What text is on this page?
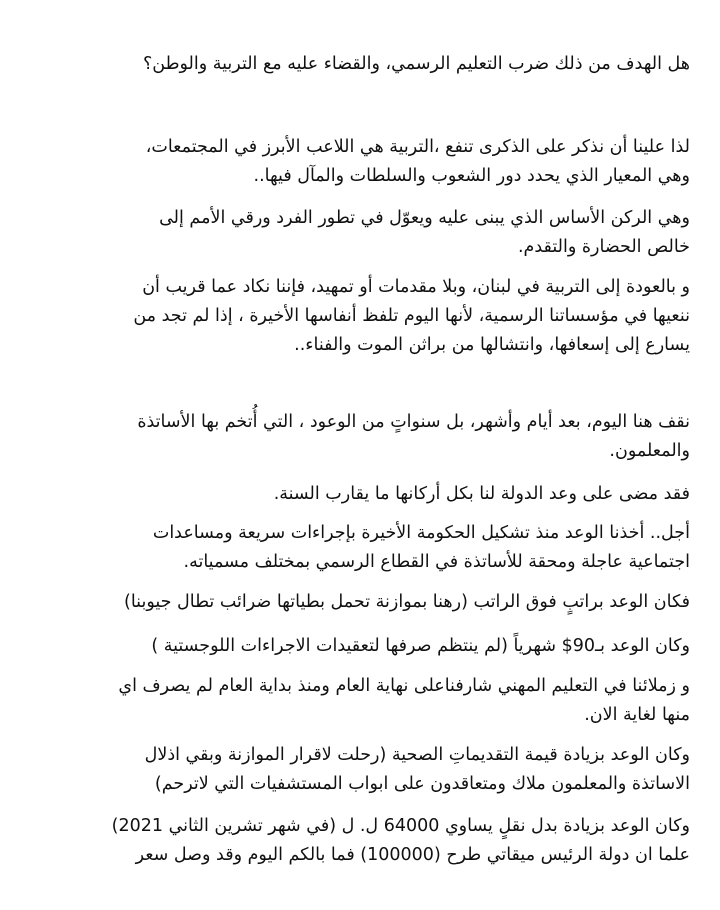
هل الهدف من ذلك ضرب التعليم الرسمي، والقضاء عليه مع التربية والوطن؟

لذا علينا أن نذكر على الذكرى تنفع ،التربية هي اللاعب الأبرز في المجتمعات،
وهي المعيار الذي يحدد دور الشعوب والسلطات والمآل فيها..

وهي الركن الأساس الذي يبنى عليه ويعوّل في تطور الفرد ورقي الأمم إلى
خالص الحضارة والتقدم.

و بالعودة إلى التربية في لبنان، وبلا مقدمات أو تمهيد، فإننا نكاد عما قريب أن
ننعيها في مؤسساتنا الرسمية، لأنها اليوم تلفظ أنفاسها الأخيرة ، إذا لم تجد من
يسارع إلى إسعافها، وانتشالها من براثن الموت والفناء..

نقف هنا اليوم، بعد أيام وأشهر، بل سنواتٍ من الوعود ، التي أُتخم بها الأساتذة
والمعلمون.

فقد مضى على وعد الدولة لنا بكل أركانها ما يقارب السنة.

أجل.. أخذنا الوعد منذ تشكيل الحكومة الأخيرة بإجراءات سريعة ومساعدات
اجتماعية عاجلة ومحقة للأساتذة في القطاع الرسمي بمختلف مسمياته.

فكان الوعد براتبٍ فوق الراتب (رهنا بموازنة تحمل بطياتها ضرائب تطال جيوبنا)

وكان الوعد بـ90$ شهرياً (لم ينتظم صرفها لتعقيدات الاجراءات اللوجستية )

و زملائنا في التعليم المهني شارفناعلى نهاية العام ومنذ بداية العام لم يصرف اي
منها لغاية الان.

وكان الوعد بزيادة قيمة التقديماتِ الصحية (رحلت لاقرار الموازنة وبقي اذلال
الاساتذة والمعلمون ملاك ومتعاقدون على ابواب المستشفيات التي لاترحم)

وكان الوعد بزيادة بدل نقلٍ يساوي 64000 ل. ل (في شهر تشرين الثاني 2021)
علما ان دولة الرئيس ميقاتي طرح (100000) فما بالكم اليوم وقد وصل سعر
